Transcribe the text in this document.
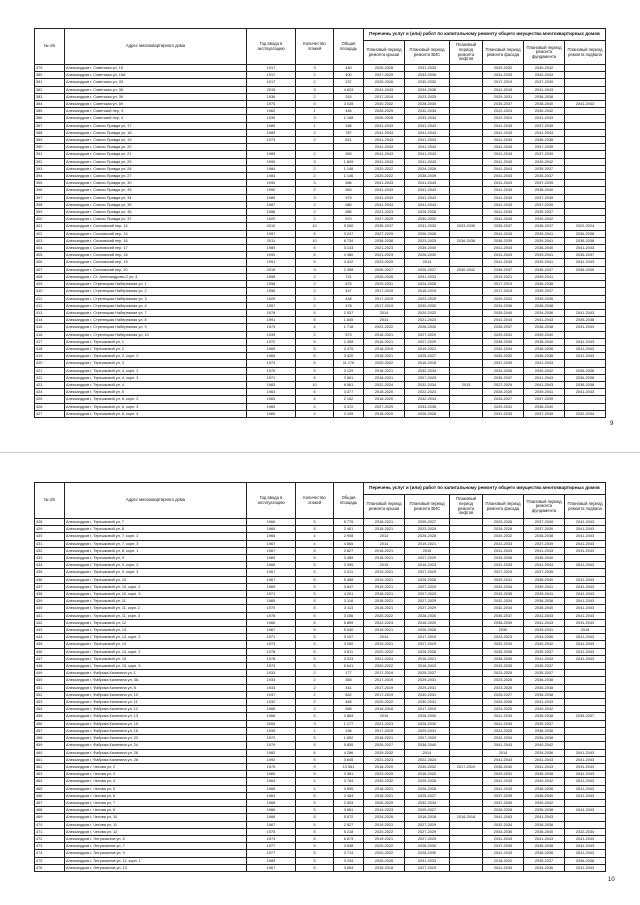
№ п/п	Адрес многоквартирного дома	Год ввода в эксплуатацию	Количество этажей	Общая площадь	Перечень услуг и (или) работ по капитальному ремонту общего имущества многоквартирных домов					
					Плановый период ремонта крыши	Плановый период ремонта ВИС	Плановый период ремонта лифтов	Плановый период ремонта фасада	Плановый период ремонта фундамента	Плановый период ремонта подвала
379	Александров г, Советская ул, 15	1917	3	440	2026-2028	2031-2033		2029-2032	2040-2042	
380	Александров г, Советская ул, 15А	1917	2	400	2027-2029	2033-2035		2031-2033	2042-2043	
381	Александров г, Советская ул, 33	1917	2	237	2025-2026	2030-2032		2017-2019	2037-2039	
382	Александров г, Советская ул, 35	2015	3	4 623	2041-2043	2034-2036		2041-2043	2041-2043	
383	Александров г, Советская ул, 39	1936	2	315	2017-2019	2023-2025		2029-2031	2036-2038	
384	Александров г, Советская ул, 59	1975	5	3 028	2030-2032	2028-2030		2035-2037	2038-2040	2041-2043
385	Александров г, Советский пер, 3	1962	1	446	2026-2029	2032-2034		2022-2024	2040-2042	
386	Александров г, Советский пер, 4	1939	3	1 168	2026-2028	2033-2034		2022-2024	2041-2043	
387	Александров г, Совхоз Правда ул, 17	1989	1	166	2041-2043	2041-2043		2041-2043	2037-2039	
388	Александров г, Совхоз Правда ул, 18	1989	2	787	2041-2043	2041-2043		2041-2043	2041-2043	
389	Александров г, Совхоз Правда ул, 19	1973	2	821	2041-2043	2041-2043		2041-2043	2036-2038	
390	Александров г, Совхоз Правда ул, 20				2041-2043	2041-2043		2041-2043	2037-2039	
391	Александров г, Совхоз Правда ул, 21	1989	2	963	2041-2043	2041-2043		2041-2043	2037-2039	
392	Александров г, Совхоз Правда ул, 25	1990	3	1 609	2041-2043	2041-2043		2041-2043	2040-2042	
393	Александров г, Совхоз Правда ул, 26	1984	2	1 146	2020-2022	2024-2026		2041-2043	2035-2037	
394	Александров г, Совхоз Правда ул, 27	1984	2	1 146	2020-2022	2038-2039		2041-2043	2035-2037	
395	Александров г, Совхоз Правда ул, 30	1990	3	586	2041-2043	2041-2043		2041-2043	2037-2039	
396	Александров г, Совхоз Правда ул, 33	1990	2	963	2041-2043	2041-2043		2041-2043	2038-2040	
397	Александров г, Совхоз Правда ул, 34	1989	3	579	2041-2043	2041-2043		2041-2043	2037-2039	
398	Александров г, Совхоз Правда ул, 35	1987	2	580	2041-2043	2041-2043		2041-2043	2037-2039	
399	Александров г, Совхоз Правда ул, 36	1986	2	585	2021-2023	2026-2028		2041-2043	2035-2037	
400	Александров г, Совхоз Правда ул, 37	1920	2	570	2027-2029	2030-2032		2041-2043	2040-2042	
401	Александров г, Сосновский пер, 14	2010	10	9 260	2035-2037	2031-2033	2033-2035	2035-2037	2036-2037	2022-2024
402	Александров г, Сосновский пер, 15	1997	5	3 247	2027-2029	2026-2028		2041-2043	2039-2041	2036-2038
403	Александров г, Сосновский пер, 16	2011	10	6 734	2036-2038	2023-2025	2036-2038	2036-2039	2039-2041	2036-2038
404	Александров г, Сосновский пер, 17	1989	5	3 143	2021-2023	2039-2040		2041-2043	2038-2040	2041-2043
405	Александров г, Сосновский пер, 18	1990	5	4 380	2021-2023	2028-2030		2041-2043	2039-2041	2035-2037
406	Александров г, Сосновский пер, 19	1991	5	4 322	2023-2025	2014		2041-2043	2039-2041	2041-2043
407	Александров г, Сосновский пер, 20	2015	9	2 398	2026-2027	2025-2027	2040-2042	2036-2037	2036-2037	2036-2039
408	Александров г, Ст. Александрово-2 ул, 3	1958	2	721	2026-2028	2031-2033		2019-2021	2039-2041	
409	Александров г, Стрелецкая Набережная ул, 1	1958	2	675	2029-2031	2024-2026		2017-2019	2036-2038	
410	Александров г, Стрелецкая Набережная ул, 2	1956	2	447	2017-2019	2018-2019		2017-2019	2035-2037	
411	Александров г, Стрелецкая Набережная ул, 3	1929	2	448	2017-2019	2023-2025		2029-2031	2035-2036	
412	Александров г, Стрелецкая Набережная ул, 4	1957	2	478	2017-2019	2030-2032		2034-2036	2036-2038	
413	Александров г, Стрелецкая Набережная ул, 7	1978	5	2 537	2014	2020-2022		2039-2040	2034-2036	2041-2043
414	Александров г, Стрелецкая Набережная ул, 8	1991	5	1 845	2014	2021-2023		2041-2043	2041-2043	2035-2038
415	Александров г, Стрелецкая Набережная ул, 9	1973	4	1 718	2022-2022	2028-2030		2035-2037	2036-2038	2031-2033
416	Александров г, Стрелецкая Набережная ул, 10	1939	2	573	2018-2021	2027-2029		2029-2031	2039-2040	
417	Александров г, Терешковой ул, 1	1972	5	2 408	2016-2021	2027-2029		2038-2039	2038-2040	2041-2043
418	Александров г, Терешковой ул, 2	1969	5	3 475	2018-2019	2019-2021		2032-2034	2036-2038	2041-2043
419	Александров г, Терешковой ул, 2, корп. 2	1965	5	3 420	2018-2021	2025-2027		2030-2032	2036-2038	2041-2043
420	Александров г, Терешковой ул, 3	1974	5	11 176	2020-2022	2016-2018		2037-2039	2041-2043	
421	Александров г, Терешковой ул, 4, корп. 2	1970	5	3 129	2018-2021	2032-2034		2034-2036	2040-2042	2036-2038
422	Александров г, Терешковой ул, 4, корп. 3	1971	5	3 561	2018-2021	2027-2029		2035-2037	2041-2043	2036-2038
423	Александров г, Терешковой ул, 4	1983	10	6 561	2022-2024	2032-2034	2015	2027-2029	2041-2043	2036-2038
424	Александров г, Терешковой ул, 5	1964	5	3 377	2018-2020	2022-2024		2028-2030	2039-2041	2041-2043
425	Александров г, Терешковой ул, 6, корп. 2	1963	4	2 162	2018-2020	2032-2034		2026-2027	2037-2039	
426	Александров г, Терешковой ул, 6, корп. 3	1965	4	3 472	2027-2029	2033-2035		2029-2031	2038-2040	
427	Александров г, Терешковой ул, 6, корп. 4	1965	4	2 159	2018-2020	2026-2028		2031-2033	2037-2039	2032-2034
9
№ п/п	Адрес многоквартирного дома	Год ввода в эксплуатацию	Количество этажей	Общая площадь	Перечень услуг и (или) работ по капитальному ремонту общего имущества многоквартирных домов					
					Плановый период ремонта крыши	Плановый период ремонта ВИС	Плановый период ремонта лифтов	Плановый период ремонта фасада	Плановый период ремонта фундамента	Плановый период ремонта подвала
428	Александров г, Терешковой ул, 7	1966	5	5 775	2018-2021	2025-2027		2025-2026	2037-2039	2041-2043
429	Александров г, Терешковой ул, 8	1965	5	2 461	2018-2021	2023-2025		2026-2028	2037-2039	2041-2043
430	Александров г, Терешковой ул, 7, корп. 2	1966	4	2 908	2014	2026-2028		2030-2032	2036-2038	2041-2043
431	Александров г, Терешковой ул, 7, корп. 3	1967	4	4 565	2014	2019-2021		2031-2033	2037-2039	2041-2043
432	Александров г, Терешковой ул, 8, корп. 1	1967	5	2 827	2018-2021	2015		2041-2043	2041-2043	2041-2043
433	Александров г, Терешковой ул, 9	1969	5	3 489	2018-2021	2027-2029		2034-2036	2036-2040	
434	Александров г, Терешковой ул, 9, корп. 2	1968	5	3 395	2015	2016-2023		2031-2033	2041-2043	2041-2043
435	Александров г, Терешковой ул, 9, корп. 3	1967	5	2 511	2019-2021	2027-2029		2027-2029	2037-2039	
436	Александров г, Терешковой ул, 10	1967	5	5 468	2019-2021	2026-2028		2029-2031	2038-2040	2041-2043
437	Александров г, Терешковой ул, 10, корп. 2	1969	5	3 647	2019-2021	2027-2029		2032-2034	2039-2041	2041-2043
438	Александров г, Терешковой ул, 10, корп. 3	1971	5	4 251	2018-2021	2027-2029		2033-2035	2039-2041	2041-2043
439	Александров г, Терешковой ул, 11	1969	5	3 118	2018-2021	2027-2029		2032-2034	2036-2038	2041-2043
440	Александров г, Терешковой ул, 11, корп. 2	1970	5	3 113	2018-2021	2027-2029		2032-2034	2038-2040	2041-2043
441	Александров г, Терешковой ул, 11, корп. 3	1978	5	3 156	2020-2022	2028-2030		2036-2037	2041-2043	2041-2043
442	Александров г, Терешковой ул, 12	1966	5	5 859	2022-2024	2018-2020		2038-2039	2041-2043	2041-2043
443	Александров г, Терешковой ул, 13	1967	5	5 640	2019-2021	2026-2028		2030	2033-2031	2015
444	Александров г, Терешковой ул, 13, корп. 2	1971	5	3 107	2014	2017-2019		2023-2023	2034-2036	2041-2043
445	Александров г, Терешковой ул, 14	1973	5	3 050	2019-2021	2027-2029		2032-2034	2040-2042	2041-2043
446	Александров г, Терешковой ул, 14, корп. 2	1978	5	4 811	2020-2022	2026-2028		2035-2036	2035-2037	2041-2043
447	Александров г, Терешковой ул, 15	1978	5	3 023	2021-2024	2016-2021		2038-2039	2041-2043	2041-2043
448	Александров г, Терешковой ул, 15, корп. 3	1973	5	5 641	2020-2022	2018-2019		2033-2035	2035-2037	
449	Александров г, Фабрика Калинина ул, 1	1933	2	177	2017-2019	2025-2027		2023-2025	2035-2037	
450	Александров г, Фабрика Калинина ул, 3А	1933	2	383	2017-2019	2029-2031		2023-2025	2036-2038	
451	Александров г, Фабрика Калинина ул, 5	1933	2	341	2017-2019	2029-2031		2023-2025	2036-2038	
452	Александров г, Фабрика Калинина ул, 10	1937	2	842	2017-2019	2030-2031		2026-2027	2036-2038	
453	Александров г, Фабрика Калинина ул, 11	1932	2	465	2020-2022	2030-2031		2026-2026	2041-2043	
454	Александров г, Фабрика Калинина ул, 12	1966	2	565	2016-2018	2017-2019		2024-2025	2040-2042	
455	Александров г, Фабрика Калинина ул, 13	1966	5	2 884	2015	2028-2030		2041-2043	2036-2038	2035-2037
456	Александров г, Фабрика Калинина ул, 15	2005	3	1 177	2021-2023	2028-2030		2041-2043	2035-2037	
457	Александров г, Фабрика Калинина ул, 16	1939	1	196	2017-2019	2029-2031		2023-2025	2036-2038	
458	Александров г, Фабрика Калинина ул, 22	1972	5	1 652	2018-2021	2027-2029		2032-2034	2036-2038	
459	Александров г, Фабрика Калинина ул, 24	1979	5	5 855	2026-2027	2038-2040		2041-2043	2040-2042	
460	Александров г, Фабрика Калинина ул, 26	1982	6	4 286	2029-2032	2014		2014	2034-2036	2041-2043
461	Александров г, Фабрика Калинина ул, 28	1992	5	3 645	2021-2023	2022-2024		2041-2043	2041-2043	2041-2043
462	Александров г, Чехова ул, 2	1975	9	13 561	2018-2020	2030-2032	2017-2019	2036-2040	2041-2043	2041-2043
463	Александров г, Чехова ул, 3	1965	5	3 381	2023-2025	2018-2020		2029-2031	2036-2038	2041-2043
464	Александров г, Чехова ул, 4	1964	4	3 764	2030-2032	2025-2026		2041-2043	2040-2042	2041-2043
465	Александров г, Чехова ул, 5	1965	4	3 595	2018-2021	2026-2028		2041-2043	2036-2038	2041-2043
466	Александров г, Чехова ул, 6	1964	5	2 464	2018-2021	2025-2027		2037-2039	2036-2040	2041-2043
467	Александров г, Чехова ул, 7	1968	5	2 503	2026-2029	2032-2034		2037-2039	2040-2042	
468	Александров г, Чехова ул, 8	1966	5	3 661	2014-2023	2025-2027		2026-2028	2036-2038	2041-2043
469	Александров г, Чехова ул, 10	1968	5	5 972	2024-2026	2016-2018	2016-2018	2041-2043	2041-2043	
470	Александров г, Чехова ул, 11	1967	5	2 527	2019-2021	2027-2029		2032-2034	2036-2038	
471	Александров г, Чехова ул, 12	1975	5	5 218	2020-2022	2027-2029		2034-2036	2036-2040	2032-2034
472	Александров г, Энтузиастов ул, 5	1973	5	6 873	2019-2021	2027-2029		2041-2043	2041-2043	2041-2043
473	Александров г, Энтузиастов ул, 7	1977	5	3 638	2020-2022	2028-2030		2037-2039	2036-2038	2041-2043
474	Александров г, Энтузиастов ул, 9	1977	5	3 714	2020-2022	2028-2030		2041-2043	2036-2038	2041-2043
475	Александров г, Энтузиастов ул, 11, корп. 1	1989	5	3 234	2026-2028	2031-2033		2018-2020	2035-2037	2036-2038
476	Александров г, Энтузиастов ул, 13	1967	5	3 654	2016-2018	2027-2029		2041-2043	2034-2036	2041-2043
10
